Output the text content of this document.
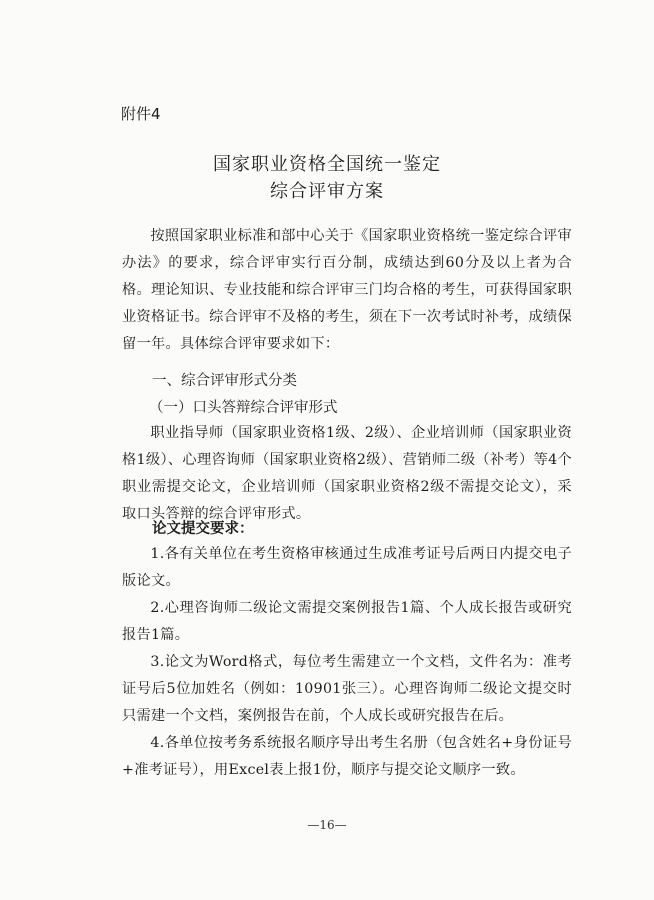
附件4
国家职业资格全国统一鉴定
综合评审方案
按照国家职业标准和部中心关于《国家职业资格统一鉴定综合评审办法》的要求，综合评审实行百分制，成绩达到60分及以上者为合格。理论知识、专业技能和综合评审三门均合格的考生，可获得国家职业资格证书。综合评审不及格的考生，须在下一次考试时补考，成绩保留一年。具体综合评审要求如下：
一、综合评审形式分类
（一）口头答辩综合评审形式
职业指导师（国家职业资格1级、2级）、企业培训师（国家职业资格1级）、心理咨询师（国家职业资格2级）、营销师二级（补考）等4个职业需提交论文，企业培训师（国家职业资格2级不需提交论文），采取口头答辩的综合评审形式。
论文提交要求：
1.各有关单位在考生资格审核通过生成准考证号后两日内提交电子版论文。
2.心理咨询师二级论文需提交案例报告1篇、个人成长报告或研究报告1篇。
3.论文为Word格式，每位考生需建立一个文档，文件名为：准考证号后5位加姓名（例如：10901张三）。心理咨询师二级论文提交时只需建一个文档，案例报告在前，个人成长或研究报告在后。
4.各单位按考务系统报名顺序导出考生名册（包含姓名+身份证号+准考证号），用Excel表上报1份，顺序与提交论文顺序一致。
—16—
